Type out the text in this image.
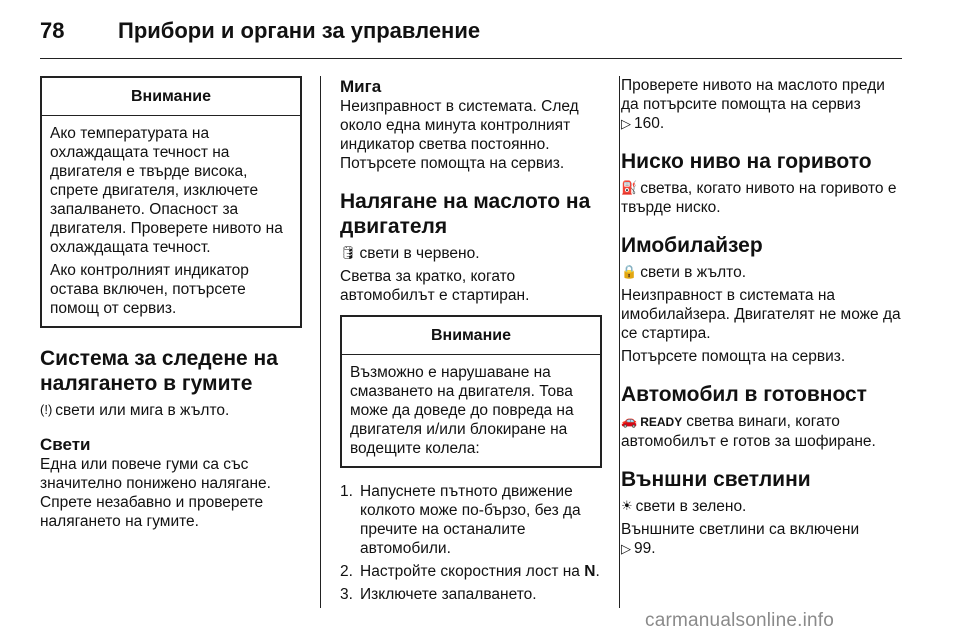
78 Прибори и органи за управление
Внимание

Ако температурата на охлаждащата течност на двигателя е твърде висока, спрете двигателя, изключете запалването. Опасност за двигателя. Проверете нивото на охлаждащата течност.

Ако контролният индикатор остава включен, потърсете помощ от сервиз.

Система за следене на налягането в гумите

(!) свети или мига в жълто.

Свети

Една или повече гуми са със значително понижено налягане. Спрете незабавно и проверете налягането на гумите.

Мига

Неизправност в системата. След около една минута контролният индикатор светва постоянно. Потърсете помощта на сервиз.

Налягане на маслото на двигателя

🛢 свети в червено.

Светва за кратко, когато автомобилът е стартиран.

Внимание

Възможно е нарушаване на смазването на двигателя. Това може да доведе до повреда на двигателя и/или блокиране на водещите колела:

1. Напуснете пътното движение колкото може по-бързо, без да пречите на останалите автомобили.
2. Настройте скоростния лост на N.
3. Изключете запалването.

Проверете нивото на маслото преди да потърсите помощта на сервиз ▷ 160.

Ниско ниво на горивото

⛽ светва, когато нивото на горивото е твърде ниско.

Имобилайзер

🔒 свети в жълто.

Неизправност в системата на имобилайзера. Двигателят не може да се стартира.

Потърсете помощта на сервиз.

Автомобил в готовност

🚗 READY светва винаги, когато автомобилът е готов за шофиране.

Външни светлини

☀ свети в зелено.

Външните светлини са включени
▷ 99.

carmanualsonline.info
